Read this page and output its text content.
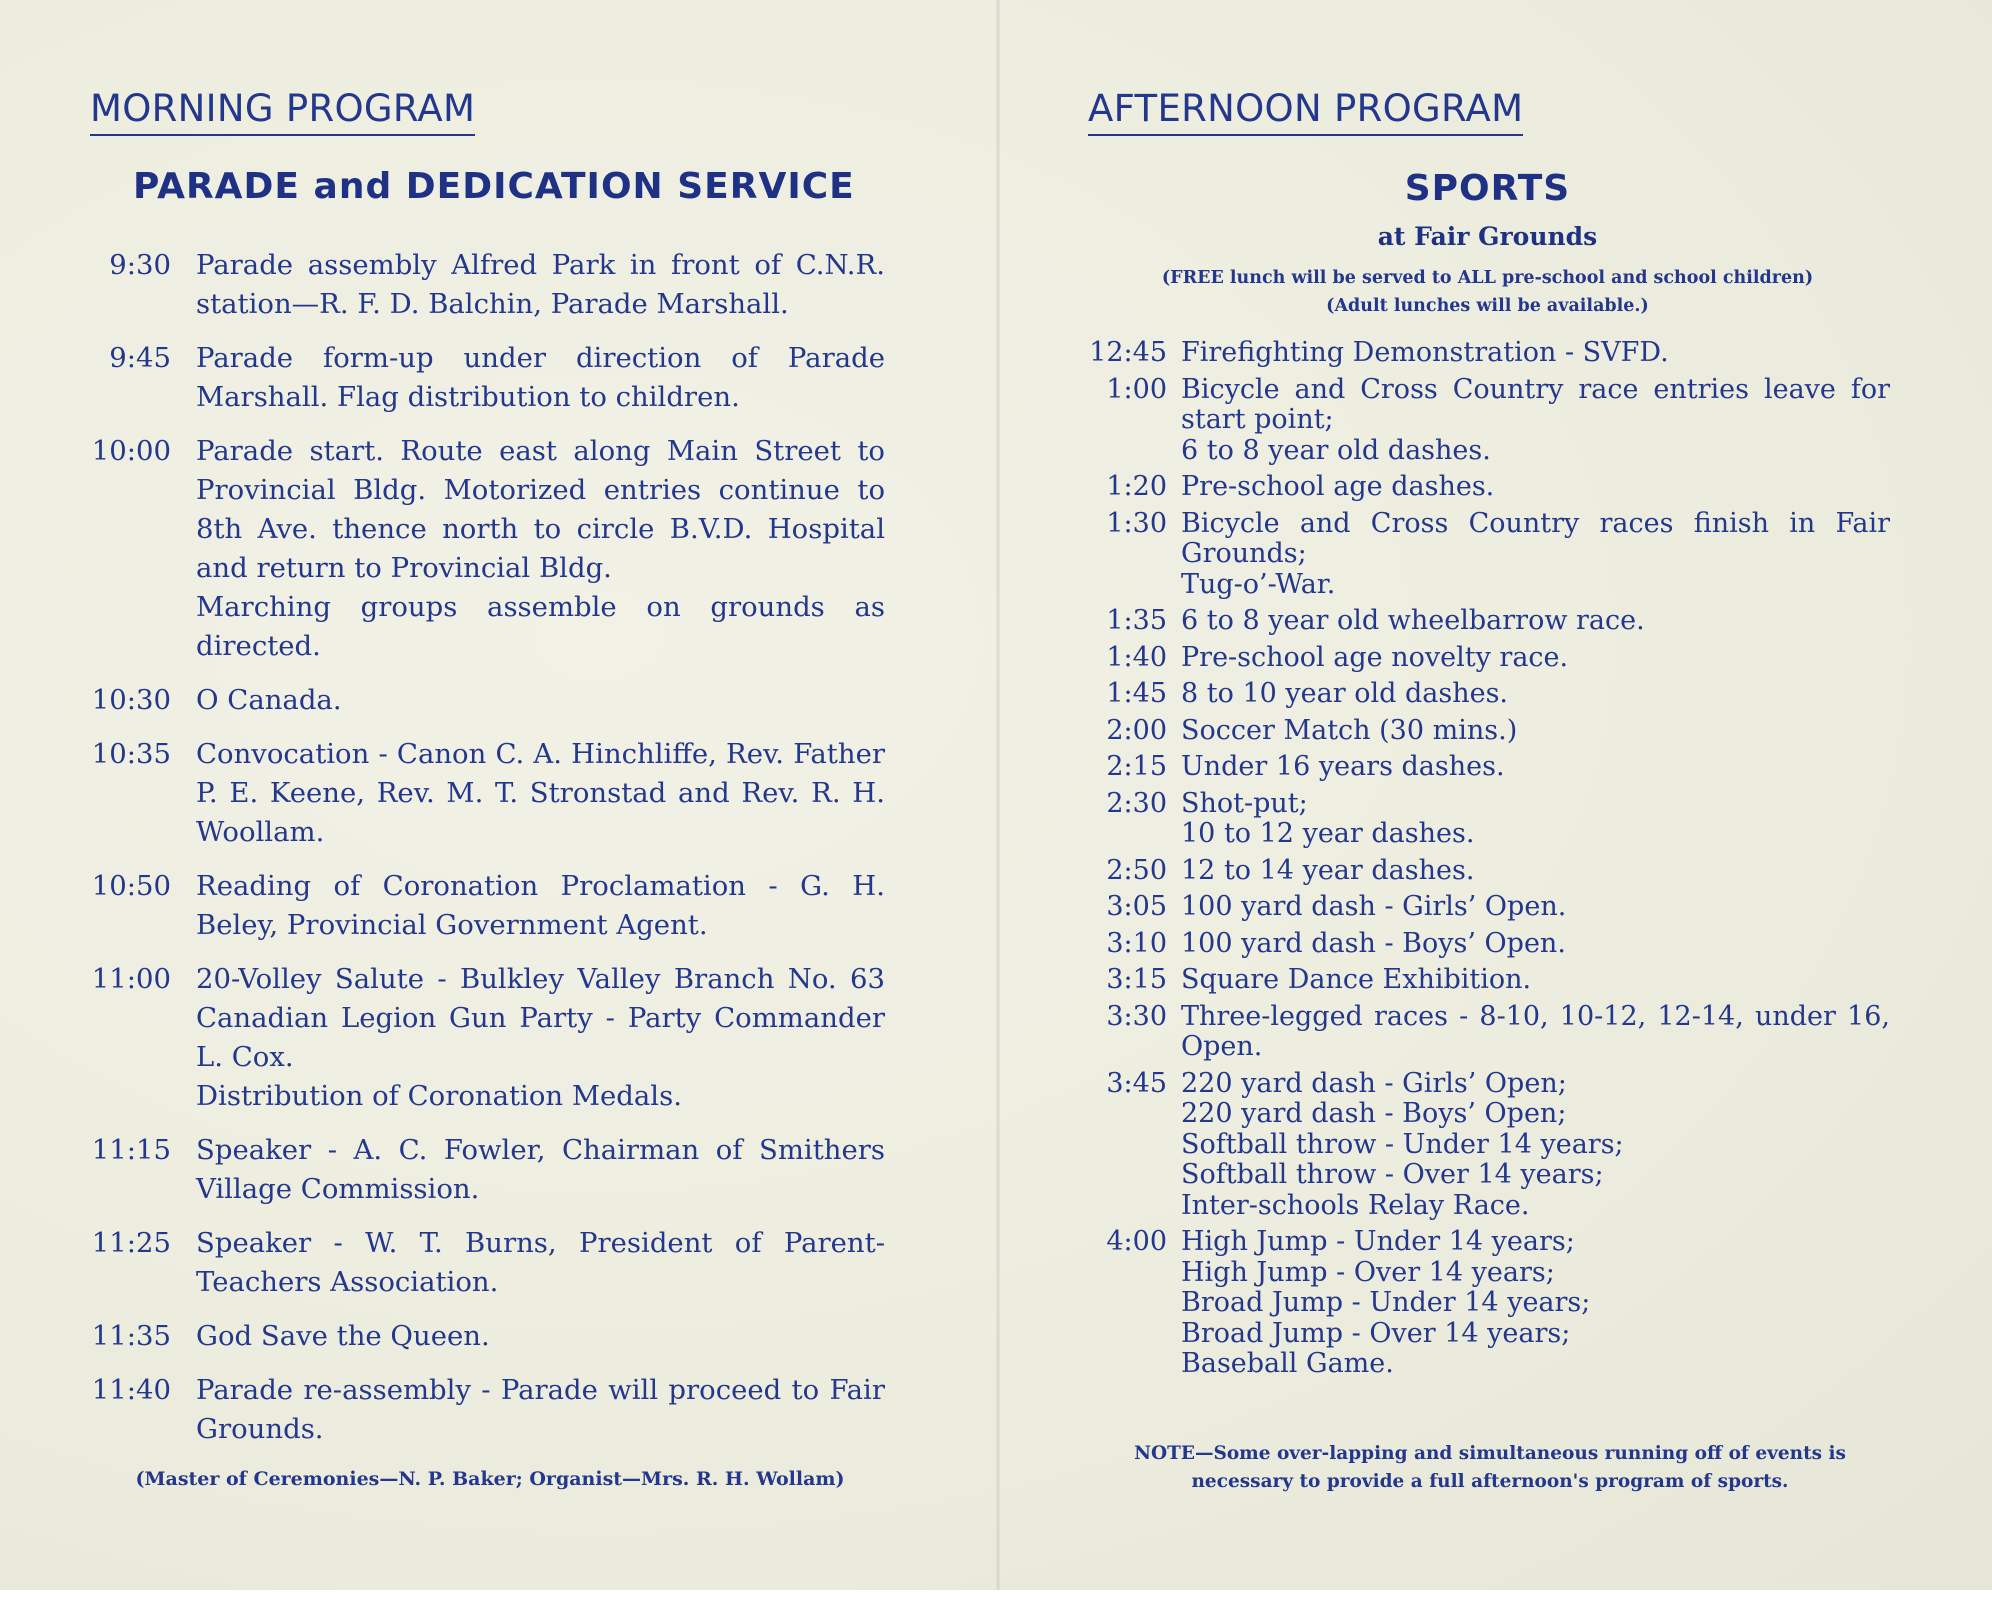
MORNING PROGRAM
PARADE and DEDICATION SERVICE
9:30 Parade assembly Alfred Park in front of C.N.R. station—R. F. D. Balchin, Parade Marshall.
9:45 Parade form-up under direction of Parade Marshall. Flag distribution to children.
10:00 Parade start. Route east along Main Street to Provincial Bldg. Motorized entries continue to 8th Ave. thence north to circle B.V.D. Hospital and return to Provincial Bldg.
Marching groups assemble on grounds as directed.
10:30 O Canada.
10:35 Convocation - Canon C. A. Hinchliffe, Rev. Father P. E. Keene, Rev. M. T. Stronstad and Rev. R. H. Woollam.
10:50 Reading of Coronation Proclamation - G. H. Beley, Provincial Government Agent.
11:00 20-Volley Salute - Bulkley Valley Branch No. 63 Canadian Legion Gun Party - Party Commander L. Cox.
Distribution of Coronation Medals.
11:15 Speaker - A. C. Fowler, Chairman of Smithers Village Commission.
11:25 Speaker - W. T. Burns, President of Parent-Teachers Association.
11:35 God Save the Queen.
11:40 Parade re-assembly - Parade will proceed to Fair Grounds.

(Master of Ceremonies—N. P. Baker; Organist—Mrs. R. H. Wollam)

AFTERNOON PROGRAM
SPORTS

at Fair Grounds

(FREE lunch will be served to ALL pre-school and school children)

(Adult lunches will be available.)

12:45 Firefighting Demonstration - SVFD.
1:00 Bicycle and Cross Country race entries leave for start point;
6 to 8 year old dashes.
1:20 Pre-school age dashes.
1:30 Bicycle and Cross Country races finish in Fair Grounds;
Tug-o’-War.
1:35 6 to 8 year old wheelbarrow race.
1:40 Pre-school age novelty race.
1:45 8 to 10 year old dashes.
2:00 Soccer Match (30 mins.)
2:15 Under 16 years dashes.
2:30 Shot-put;
10 to 12 year dashes.
2:50 12 to 14 year dashes.
3:05 100 yard dash - Girls’ Open.
3:10 100 yard dash - Boys’ Open.
3:15 Square Dance Exhibition.
3:30 Three-legged races - 8-10, 10-12, 12-14, under 16, Open.
3:45 220 yard dash - Girls’ Open;
220 yard dash - Boys’ Open;
Softball throw - Under 14 years;
Softball throw - Over 14 years;
Inter-schools Relay Race.
4:00 High Jump - Under 14 years;
High Jump - Over 14 years;
Broad Jump - Under 14 years;
Broad Jump - Over 14 years;
Baseball Game.

NOTE—Some over-lapping and simultaneous running off of events is necessary to provide a full afternoon's program of sports.
